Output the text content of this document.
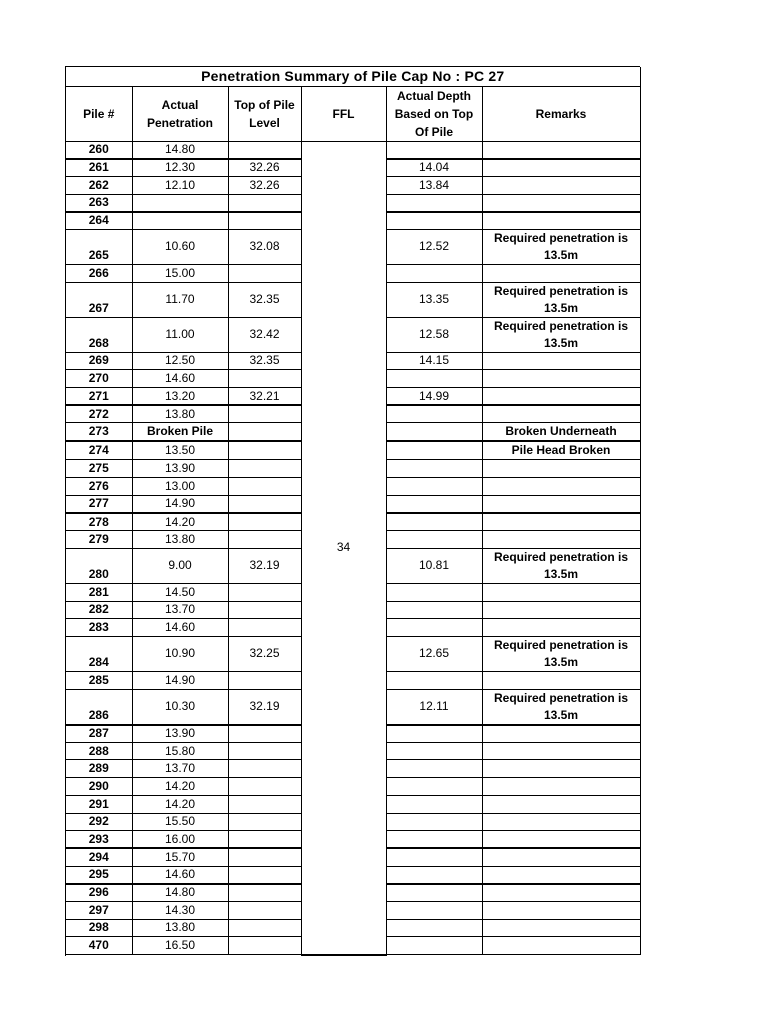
Penetration Summary of Pile Cap No : PC 27					
Pile #	Actual Penetration	Top of Pile Level	FFL	Actual Depth Based on Top Of Pile	Remarks
260	14.80		34		
261	12.30	32.26		14.04	
262	12.10	32.26		13.84	
263					
264					
265	10.60	32.08		12.52	Required penetration is 13.5m
266	15.00				
267	11.70	32.35		13.35	Required penetration is 13.5m
268	11.00	32.42		12.58	Required penetration is 13.5m
269	12.50	32.35		14.15	
270	14.60				
271	13.20	32.21		14.99	
272	13.80				
273	Broken Pile				Broken Underneath
274	13.50				Pile Head Broken
275	13.90				
276	13.00				
277	14.90				
278	14.20				
279	13.80				
280	9.00	32.19		10.81	Required penetration is 13.5m
281	14.50				
282	13.70				
283	14.60				
284	10.90	32.25		12.65	Required penetration is 13.5m
285	14.90				
286	10.30	32.19		12.11	Required penetration is 13.5m
287	13.90				
288	15.80				
289	13.70				
290	14.20				
291	14.20				
292	15.50				
293	16.00				
294	15.70				
295	14.60				
296	14.80				
297	14.30				
298	13.80				
470	16.50				
